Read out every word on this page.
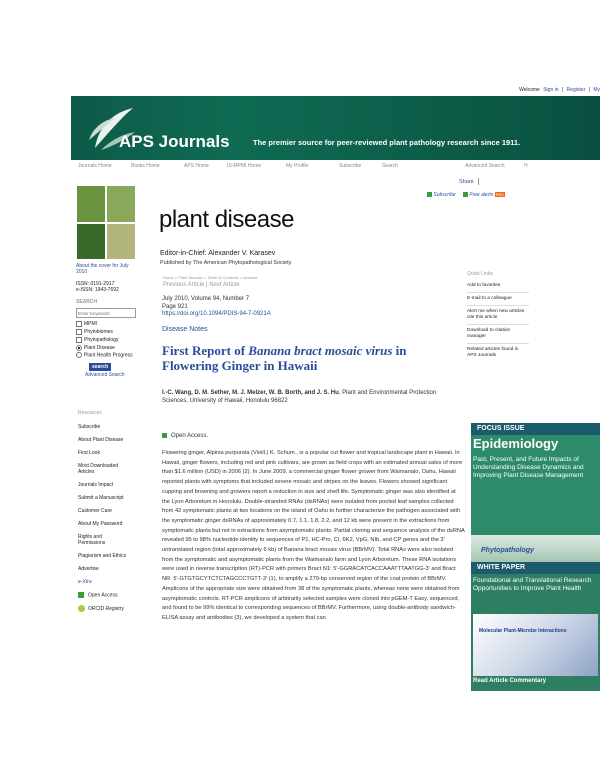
Welcome Sign in | Register | My
APS Journals	The premier source for peer-reviewed plant pathology research since 1911.
Journals Home	Books Home	APS Home	IS-MPMI Home	My Profile	Subscribe	Search	Advanced Search	H
Share
Subscribe	Free alerts RSS
About the cover for July 2010
ISSN: 0191-2917
e-ISSN: 1943-7692
SEARCH
Enter Keywords
MPMI
Phytobiomes
Phytopathology
Plant Disease
Plant Health Progress
search
Advanced Search
Resources
Subscribe
About Plant Disease
First Look
Most Downloaded Articles
Journals Impact
Submit a Manuscript
Customer Care
About My Password
Rights and Permissions
Plagiarism and Ethics
Advertise
e-Xtra
Open Access
ORCID Registry
plant disease
Editor-in-Chief: Alexander V. Karasev
Published by The American Phytopathological Society
Home > Plant Disease > Table of Contents > Abstract
Previous Article | Next Article
July 2010, Volume 94, Number 7
Page 921
https://doi.org/10.1094/PDIS-94-7-0921A
Disease Notes
First Report of Banana bract mosaic virus in Flowering Ginger in Hawaii
I.-C. Wang, D. M. Sether, M. J. Melzer, W. B. Borth, and J. S. Hu, Plant and Environmental Protection Sciences, University of Hawaii, Honolulu 96822
Open Access.
Flowering ginger, Alpinia purpurata (Vieill.) K. Schum., is a popular cut flower and tropical landscape plant in Hawaii. In Hawaii, ginger flowers, including red and pink cultivars, are grown as field crops with an estimated annual sales of more than $1.6 million (USD) in 2006 (2). In June 2009, a commercial ginger flower grower from Waimanalo, Oahu, Hawaii reported plants with symptoms that included severe mosaic and stripes on the leaves. Flowers showed significant cupping and browning and growers report a reduction in size and shelf life. Symptomatic ginger was also identified at the Lyon Arboretum in Honolulu. Double-stranded RNAs (dsRNAs) were isolated from pooled leaf samples collected from 42 symptomatic plants at two locations on the island of Oahu to further characterize the pathogen associated with the symptomatic ginger dsRNAs of approximately 0.7, 1.1, 1.8, 2.2, and 12 kb were present in the extractions from symptomatic plants but not in extractions from asymptomatic plants. Partial cloning and sequence analysis of the dsRNA revealed 95 to 98% nucleotide identity to sequences of P1, HC-Pro, CI, 6K2, VpG, NIb, and CP genes and the 3' untranslated region (total approximately 6 kb) of Banana bract mosaic virus (BBrMV). Total RNAs were also isolated from the symptomatic and asymptomatic plants from the Waimanalo farm and Lyon Arboretum. These RNA isolations were used in reverse transcription (RT)-PCR with primers Bract N1: 5'-GGRACATCACCAAATTTAATGG-3' and Bract NR: 5'-GTGTGCYTCTCTAGCCCTGTT-3' (1), to amplify a 279-bp conserved region of the coat protein of BBrMV. Amplicons of the appropriate size were obtained from 38 of the symptomatic plants, whereas none were obtained from asymptomatic controls. RT-PCR amplicons of arbitrarily selected samples were cloned into pGEM-T Easy, sequenced, and found to be 99% identical to corresponding sequences of BBrMV. Furthermore, using double-antibody sandwich-ELISA assay and antibodies (3), we developed a system that can
Quick Links
Add to favorites
E-mail to a colleague
Alert me when new articles cite this article
Download to citation manager
Related articles found in APS Journals
FOCUS ISSUE
Epidemiology
Past, Present, and Future Impacts of Understanding Disease Dynamics and Improving Plant Disease Management
Phytopathology
WHITE PAPER
Foundational and Translational Research Opportunities to Improve Plant Health
Molecular Plant-Microbe Interactions
Read Article Commentary
